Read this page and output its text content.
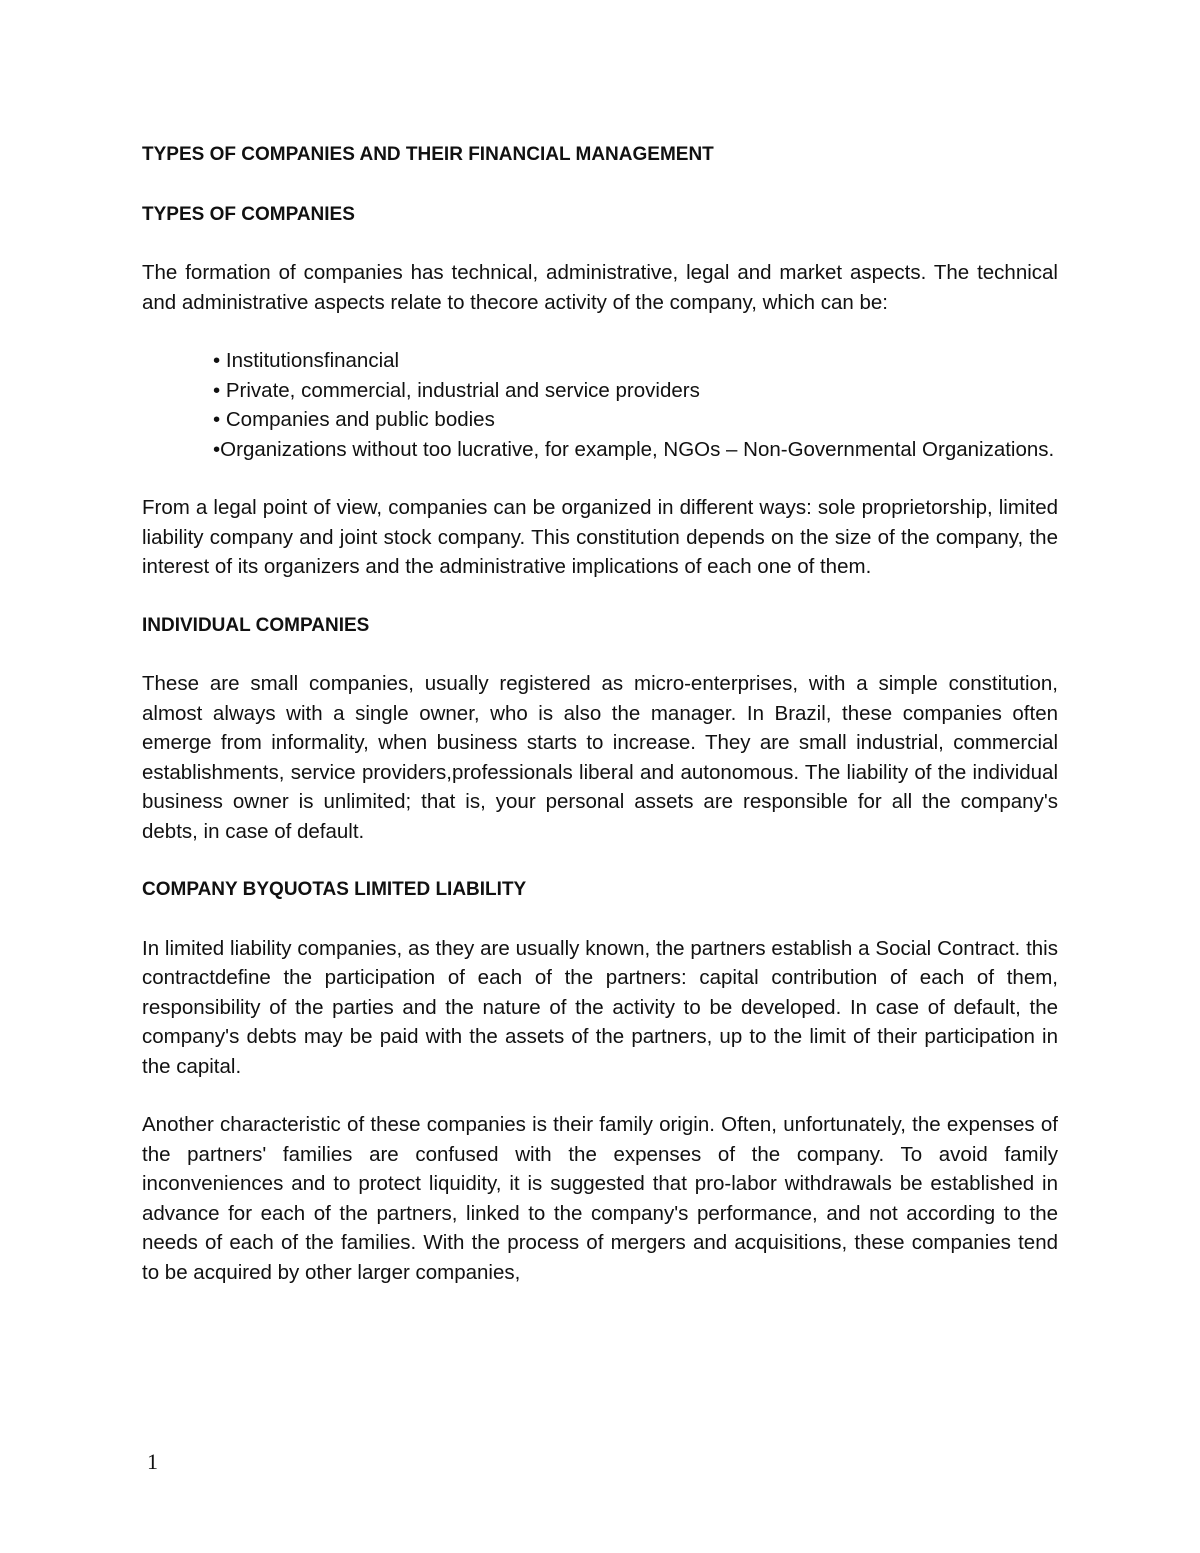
TYPES OF COMPANIES AND THEIR FINANCIAL MANAGEMENT
TYPES OF COMPANIES

The formation of companies has technical, administrative, legal and market aspects. The technical and administrative aspects relate to thecore activity of the company, which can be:

• Institutionsfinancial
• Private, commercial, industrial and service providers
• Companies and public bodies
•Organizations without too lucrative, for example, NGOs – Non-Governmental Organizations.

From a legal point of view, companies can be organized in different ways: sole proprietorship, limited liability company and joint stock company. This constitution depends on the size of the company, the interest of its organizers and the administrative implications of each one of them.

INDIVIDUAL COMPANIES

These are small companies, usually registered as micro-enterprises, with a simple constitution, almost always with a single owner, who is also the manager. In Brazil, these companies often emerge from informality, when business starts to increase. They are small industrial, commercial establishments, service providers,professionals liberal and autonomous. The liability of the individual business owner is unlimited; that is, your personal assets are responsible for all the company's debts, in case of default.

COMPANY BYQUOTAS LIMITED LIABILITY

In limited liability companies, as they are usually known, the partners establish a Social Contract. this contractdefine the participation of each of the partners: capital contribution of each of them, responsibility of the parties and the nature of the activity to be developed. In case of default, the company's debts may be paid with the assets of the partners, up to the limit of their participation in the capital.

Another characteristic of these companies is their family origin. Often, unfortunately, the expenses of the partners' families are confused with the expenses of the company. To avoid family inconveniences and to protect liquidity, it is suggested that pro-labor withdrawals be established in advance for each of the partners, linked to the company's performance, and not according to the needs of each of the families. With the process of mergers and acquisitions, these companies tend to be acquired by other larger companies,

1
